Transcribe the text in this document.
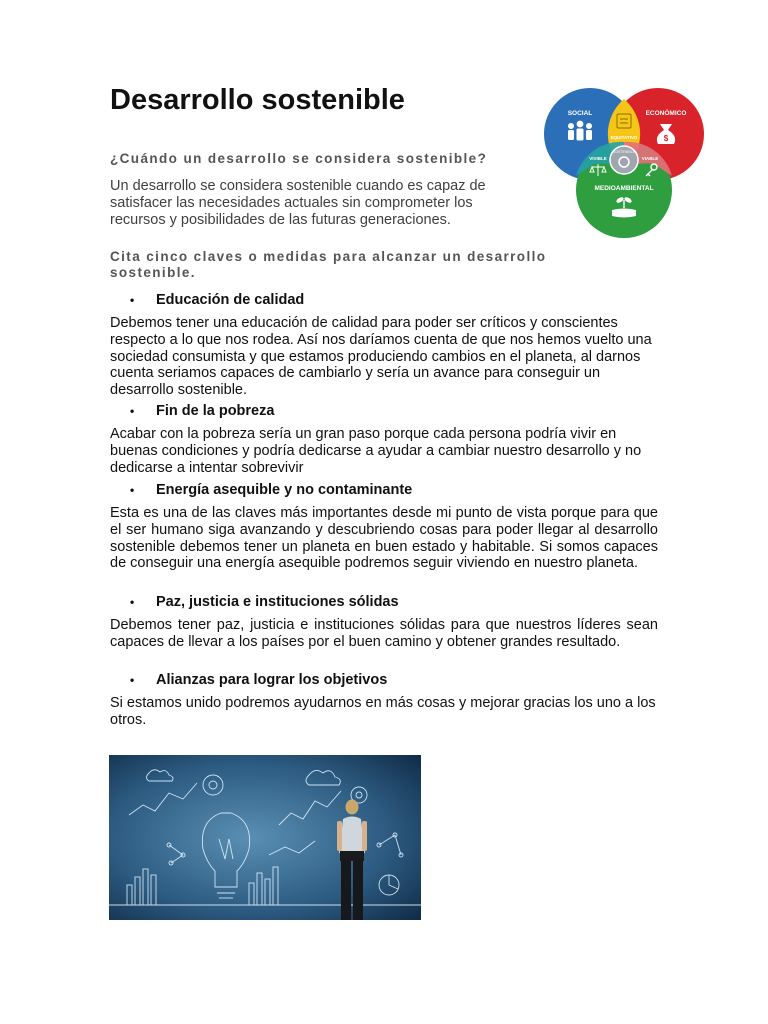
Desarrollo sostenible	SOCIAL	ECONÓMICO
MEDIOAMBIENTAL
EQUITATIVO
SOSTENIBLE
VIVIBLE	VIABLE
$

¿Cuándo un desarrollo se considera sostenible?

Un desarrollo se considera sostenible cuando es capaz de satisfacer las necesidades actuales sin comprometer los recursos y posibilidades de las futuras generaciones.

Cita cinco claves o medidas para alcanzar un desarrollo sostenible.

• Educación de calidad

Debemos tener una educación de calidad para poder ser críticos y conscientes respecto a lo que nos rodea. Así nos daríamos cuenta de que nos hemos vuelto una sociedad consumista y que estamos produciendo cambios en el planeta, al darnos cuenta seriamos capaces de cambiarlo y sería un avance para conseguir un desarrollo sostenible.

• Fin de la pobreza

Acabar con la pobreza sería un gran paso porque cada persona podría vivir en buenas condiciones y podría dedicarse a ayudar a cambiar nuestro desarrollo y no dedicarse a intentar sobrevivir

• Energía asequible y no contaminante

Esta es una de las claves más importantes desde mi punto de vista porque para que el ser humano siga avanzando y descubriendo cosas para poder llegar al desarrollo sostenible debemos tener un planeta en buen estado y habitable. Si somos capaces de conseguir una energía asequible podremos seguir viviendo en nuestro planeta.

• Paz, justicia e instituciones sólidas

Debemos tener paz, justicia e instituciones sólidas para que nuestros líderes sean capaces de llevar a los países por el buen camino y obtener grandes resultado.

• Alianzas para lograr los objetivos

Si estamos unido podremos ayudarnos en más cosas y mejorar gracias los uno a los otros.
